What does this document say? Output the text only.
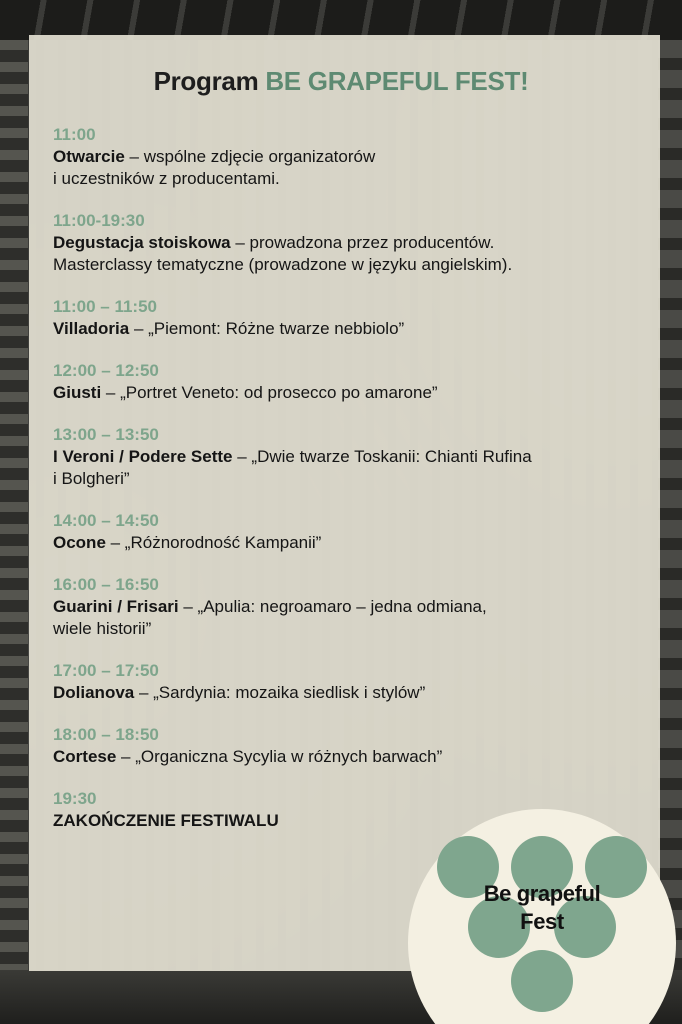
Program BE GRAPEFUL FEST!
11:00
Otwarcie – wspólne zdjęcie organizatorów
i uczestników z producentami.
11:00-19:30
Degustacja stoiskowa – prowadzona przez producentów.
Masterclassy tematyczne (prowadzone w języku angielskim).
11:00 – 11:50
Villadoria – „Piemont: Różne twarze nebbiolo”
12:00 – 12:50
Giusti – „Portret Veneto: od prosecco po amarone”
13:00 – 13:50
I Veroni / Podere Sette – „Dwie twarze Toskanii: Chianti Rufina
i Bolgheri”
14:00 – 14:50
Ocone – „Różnorodność Kampanii”
16:00 – 16:50
Guarini / Frisari – „Apulia: negroamaro – jedna odmiana,
wiele historii”
17:00 – 17:50
Dolianova – „Sardynia: mozaika siedlisk i stylów”
18:00 – 18:50
Cortese – „Organiczna Sycylia w różnych barwach”
19:30
ZAKOŃCZENIE FESTIWALU
Be grapeful
Fest
